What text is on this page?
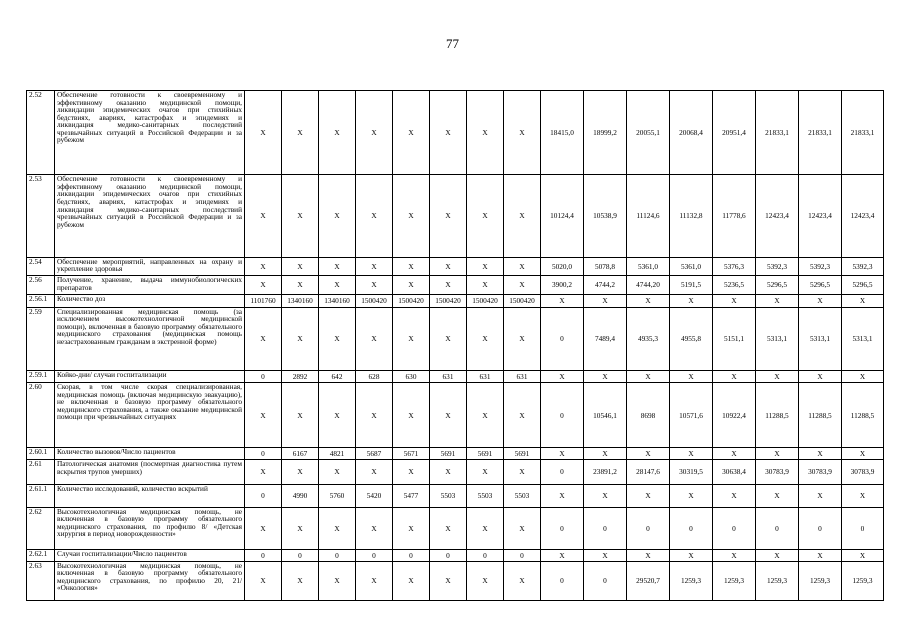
77
2.52	Обеспечение готовности к своевременному и эффективному оказанию медицинской помощи, ликвидации эпидемических очагов при стихийных бедствиях, авариях, катастрофах и эпидемиях и ликвидация медико-санитарных последствий чрезвычайных ситуаций в Российской Федерации и за рубежом	X	X	X	X	X	X	X	X	18415,0	18999,2	20055,1	20068,4	20951,4	21833,1	21833,1	21833,1
2.53	Обеспечение готовности к своевременному и эффективному оказанию медицинской помощи, ликвидации эпидемических очагов при стихийных бедствиях, авариях, катастрофах и эпидемиях и ликвидация медико-санитарных последствий чрезвычайных ситуаций в Российской Федерации и за рубежом	X	X	X	X	X	X	X	X	10124,4	10538,9	11124,6	11132,8	11778,6	12423,4	12423,4	12423,4
2.54	Обеспечение мероприятий, направленных на охрану и укрепление здоровья	X	X	X	X	X	X	X	X	5020,0	5078,8	5361,0	5361,0	5376,3	5392,3	5392,3	5392,3
2.56	Получение, хранение, выдача иммунобиологических препаратов	X	X	X	X	X	X	X	X	3900,2	4744,2	4744,20	5191,5	5236,5	5296,5	5296,5	5296,5
2.56.1	Количество доз	1101760	1340160	1340160	1500420	1500420	1500420	1500420	1500420	X	X	X	X	X	X	X	X
2.59	Специализированная медицинская помощь (за исключением высокотехнологичной медицинской помощи), включенная в базовую программу обязательного медицинского страхования (медицинская помощь незастрахованным гражданам в экстренной форме)	X	X	X	X	X	X	X	X	0	7489,4	4935,3	4955,8	5151,1	5313,1	5313,1	5313,1
2.59.1	Койко-дни/ случаи госпитализации	0	2892	642	628	630	631	631	631	X	X	X	X	X	X	X	X
2.60	Скорая, в том числе скорая специализированная, медицинская помощь (включая медицинскую эвакуацию), не включенная в базовую программу обязательного медицинского страхования, а также оказание медицинской помощи при чрезвычайных ситуациях	X	X	X	X	X	X	X	X	0	10546,1	8698	10571,6	10922,4	11288,5	11288,5	11288,5
2.60.1	Количество вызовов/Число пациентов	0	6167	4821	5687	5671	5691	5691	5691	X	X	X	X	X	X	X	X
2.61	Патологическая анатомия (посмертная диагностика путем вскрытия трупов умерших)	X	X	X	X	X	X	X	X	0	23891,2	28147,6	30319,5	30638,4	30783,9	30783,9	30783,9
2.61.1	Количество исследований, количество вскрытий	0	4990	5760	5420	5477	5503	5503	5503	X	X	X	X	X	X	X	X
2.62	Высокотехнологичная медицинская помощь, не включенная в базовую программу обязательного медицинского страхования, по профилю 8/ «Детская хирургия в период новорожденности»	X	X	X	X	X	X	X	X	0	0	0	0	0	0	0	0
2.62.1	Случаи госпитализации/Число пациентов	0	0	0	0	0	0	0	0	X	X	X	X	X	X	X	X
2.63	Высокотехнологичная медицинская помощь, не включенная в базовую программу обязательного медицинского страхования, по профилю 20, 21/ «Онкология»	X	X	X	X	X	X	X	X	0	0	29520,7	1259,3	1259,3	1259,3	1259,3	1259,3
